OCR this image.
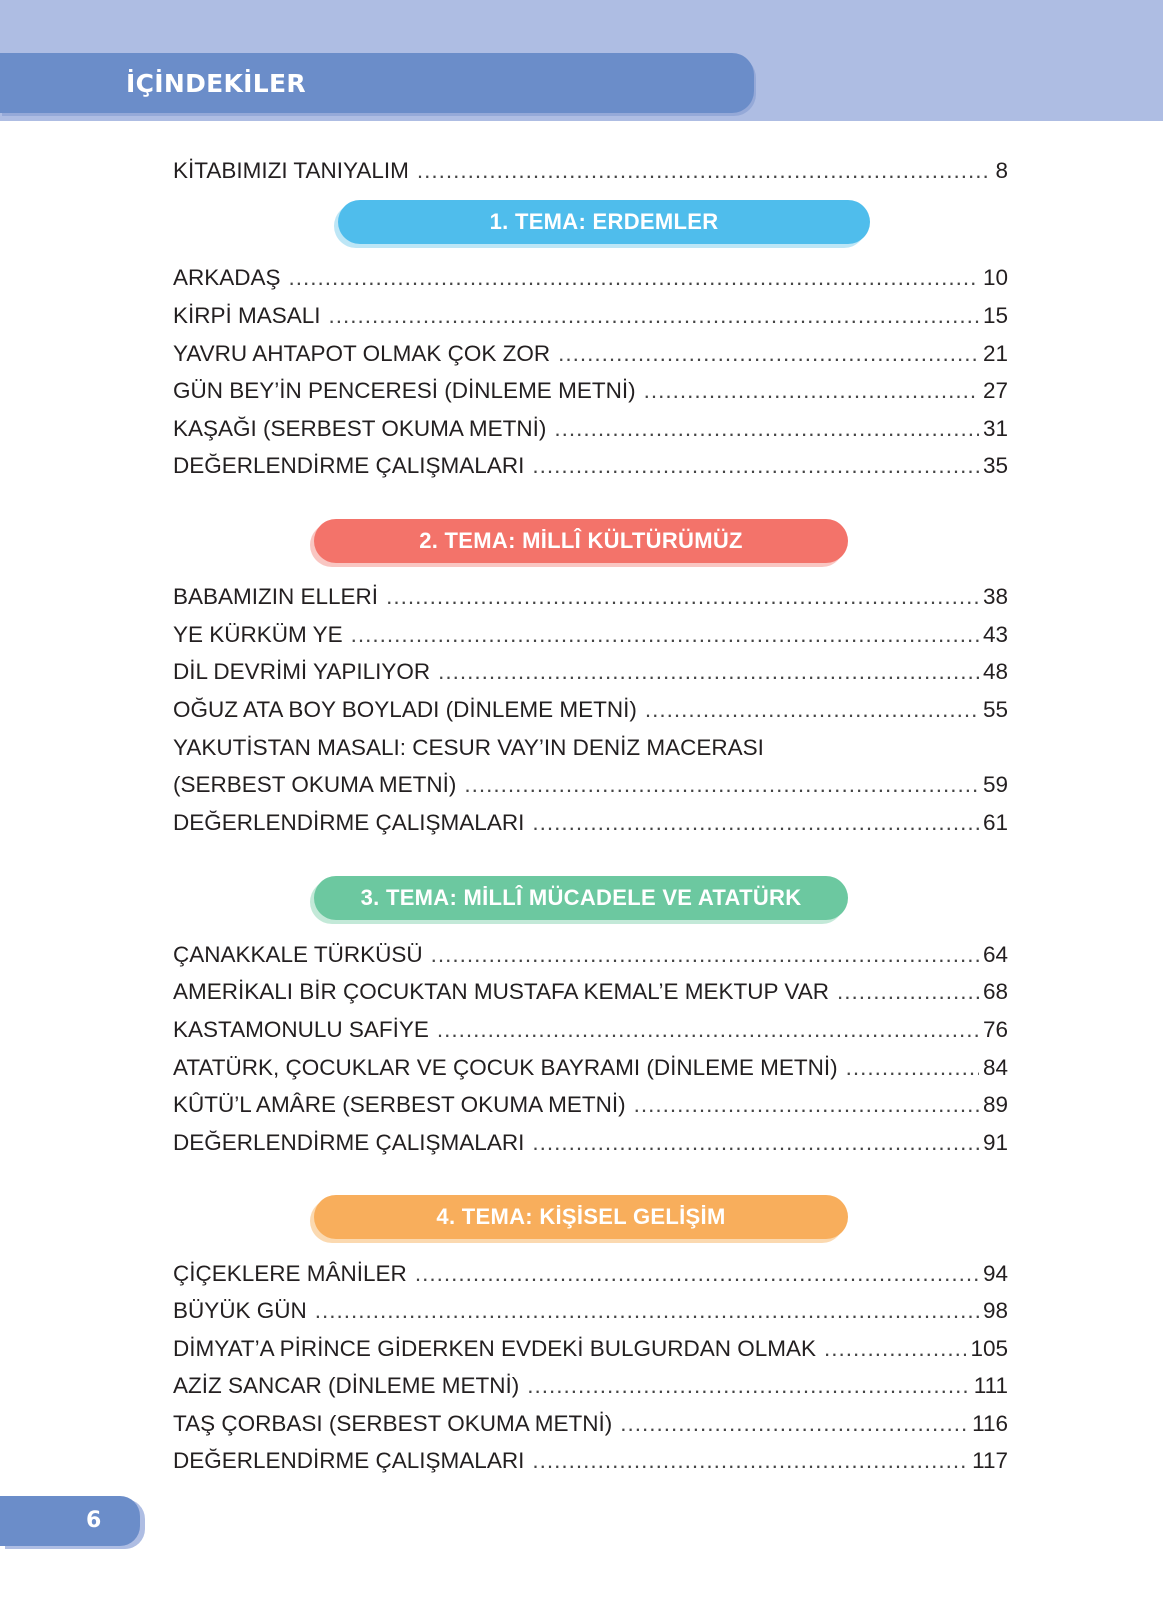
İÇİNDEKİLER
KİTABIMIZI TANIYALIM .....	8
1. TEMA: ERDEMLER
ARKADAŞ .....	10
KİRPİ MASALI .....	15
YAVRU AHTAPOT OLMAK ÇOK ZOR .....	21
GÜN BEY’İN PENCERESİ (DİNLEME METNİ) .....	27
KAŞAĞI (SERBEST OKUMA METNİ) .....	31
DEĞERLENDİRME ÇALIŞMALARI .....	35
2. TEMA: MİLLÎ KÜLTÜRÜMÜZ
BABAMIZIN ELLERİ .....	38
YE KÜRKÜM YE .....	43
DİL DEVRİMİ YAPILIYOR .....	48
OĞUZ ATA BOY BOYLADI (DİNLEME METNİ) .....	55
YAKUTİSTAN MASALI: CESUR VAY’IN DENİZ MACERASI
(SERBEST OKUMA METNİ) .....	59
DEĞERLENDİRME ÇALIŞMALARI .....	61
3. TEMA: MİLLÎ MÜCADELE VE ATATÜRK
ÇANAKKALE TÜRKÜSÜ .....	64
AMERİKALI BİR ÇOCUKTAN MUSTAFA KEMAL’E MEKTUP VAR .....	68
KASTAMONULU SAFİYE .....	76
ATATÜRK, ÇOCUKLAR VE ÇOCUK BAYRAMI (DİNLEME METNİ) .....	84
KÛTÜ’L AMÂRE (SERBEST OKUMA METNİ) .....	89
DEĞERLENDİRME ÇALIŞMALARI .....	91
4. TEMA: KİŞİSEL GELİŞİM
ÇİÇEKLERE MÂNİLER .....	94
BÜYÜK GÜN .....	98
DİMYAT’A PİRİNCE GİDERKEN EVDEKİ BULGURDAN OLMAK .....	105
AZİZ SANCAR (DİNLEME METNİ) .....	111
TAŞ ÇORBASI (SERBEST OKUMA METNİ) .....	116
DEĞERLENDİRME ÇALIŞMALARI .....	117
6
